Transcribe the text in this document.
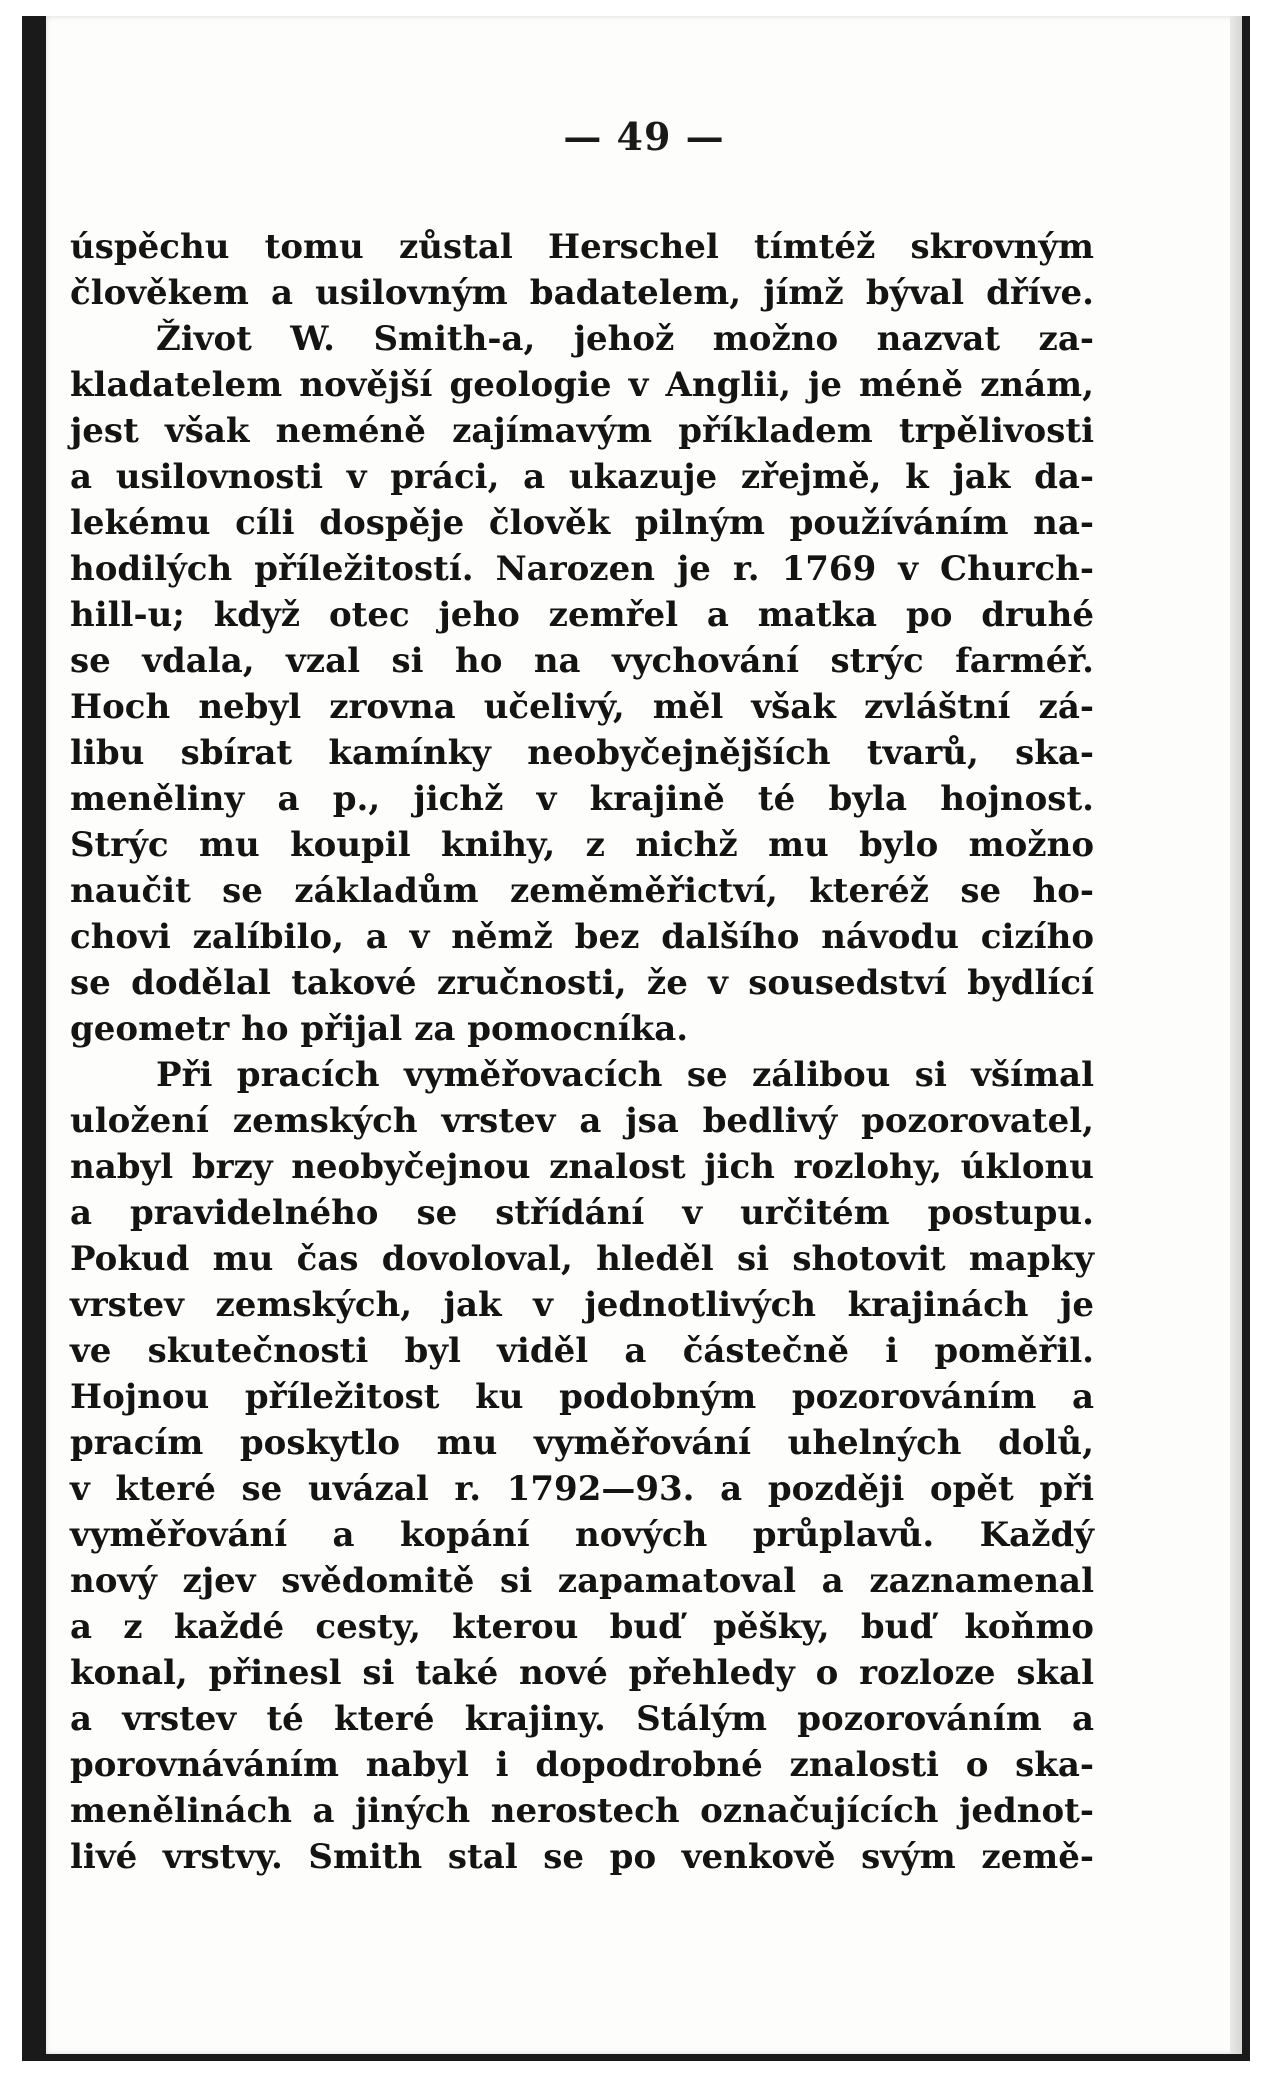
— 49 —
úspěchu tomu zůstal Herschel tímtéž skrovným
člověkem a usilovným badatelem, jímž býval dříve.
Život W. Smith-a, jehož možno nazvat za-
kladatelem novější geologie v Anglii, je méně znám,
jest však neméně zajímavým příkladem trpělivosti
a usilovnosti v práci, a ukazuje zřejmě, k jak da-
lekému cíli dospěje člověk pilným používáním na-
hodilých příležitostí. Narozen je r. 1769 v Church-
hill-u; když otec jeho zemřel a matka po druhé
se vdala, vzal si ho na vychování strýc farméř.
Hoch nebyl zrovna učelivý, měl však zvláštní zá-
libu sbírat kamínky neobyčejnějších tvarů, ska-
meněliny a p., jichž v krajině té byla hojnost.
Strýc mu koupil knihy, z nichž mu bylo možno
naučit se základům zeměměřictví, kteréž se ho-
chovi zalíbilo, a v němž bez dalšího návodu cizího
se dodělal takové zručnosti, že v sousedství bydlící
geometr ho přijal za pomocníka.
Při pracích vyměřovacích se zálibou si všímal
uložení zemských vrstev a jsa bedlivý pozorovatel,
nabyl brzy neobyčejnou znalost jich rozlohy, úklonu
a pravidelného se střídání v určitém postupu.
Pokud mu čas dovoloval, hleděl si shotovit mapky
vrstev zemských, jak v jednotlivých krajinách je
ve skutečnosti byl viděl a částečně i poměřil.
Hojnou příležitost ku podobným pozorováním a
pracím poskytlo mu vyměřování uhelných dolů,
v které se uvázal r. 1792—93. a později opět při
vyměřování a kopání nových průplavů. Každý
nový zjev svědomitě si zapamatoval a zaznamenal
a z každé cesty, kterou buď pěšky, buď koňmo
konal, přinesl si také nové přehledy o rozloze skal
a vrstev té které krajiny. Stálým pozorováním a
porovnáváním nabyl i dopodrobné znalosti o ska-
menělinách a jiných nerostech označujících jednot-
livé vrstvy. Smith stal se po venkově svým země-
